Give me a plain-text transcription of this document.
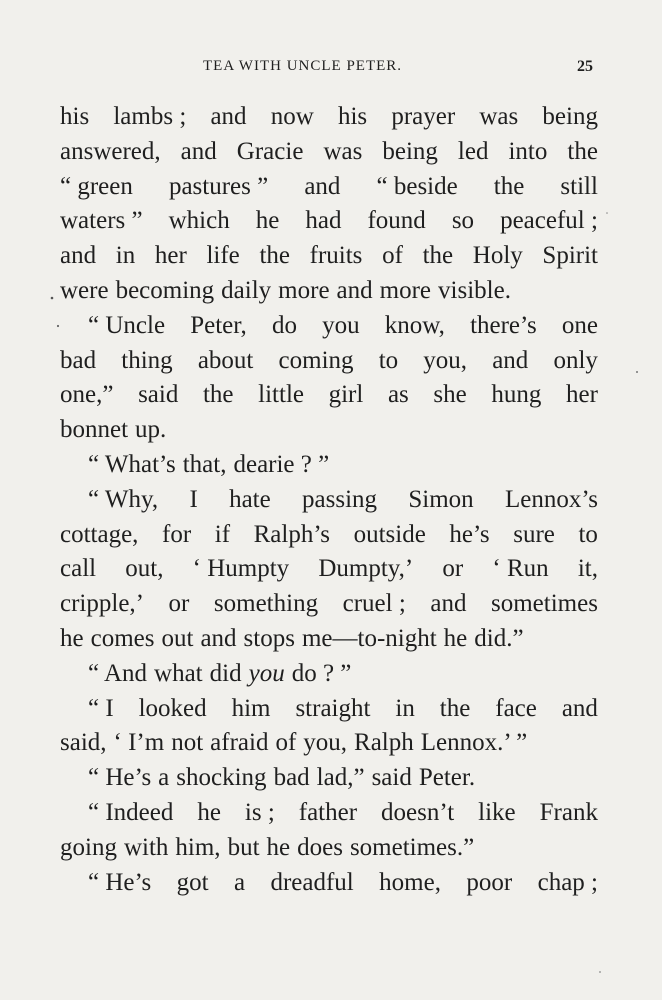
TEA WITH UNCLE PETER.	25
his lambs ; and now his prayer was being
answered, and Gracie was being led into the
“ green pastures ” and “ beside the still
waters ” which he had found so peaceful ;
and in her life the fruits of the Holy Spirit
were becoming daily more and more visible.
“ Uncle Peter, do you know, there’s one
bad thing about coming to you, and only
one,” said the little girl as she hung her
bonnet up.
“ What’s that, dearie ? ”
“ Why, I hate passing Simon Lennox’s
cottage, for if Ralph’s outside he’s sure to
call out, ‘ Humpty Dumpty,’ or ‘ Run it,
cripple,’ or something cruel ; and sometimes
he comes out and stops me—to-night he did.”
“ And what did you do ? ”
“ I looked him straight in the face and
said, ‘ I’m not afraid of you, Ralph Lennox.’ ”
“ He’s a shocking bad lad,” said Peter.
“ Indeed he is ; father doesn’t like Frank
going with him, but he does sometimes.”
“ He’s got a dreadful home, poor chap ;
